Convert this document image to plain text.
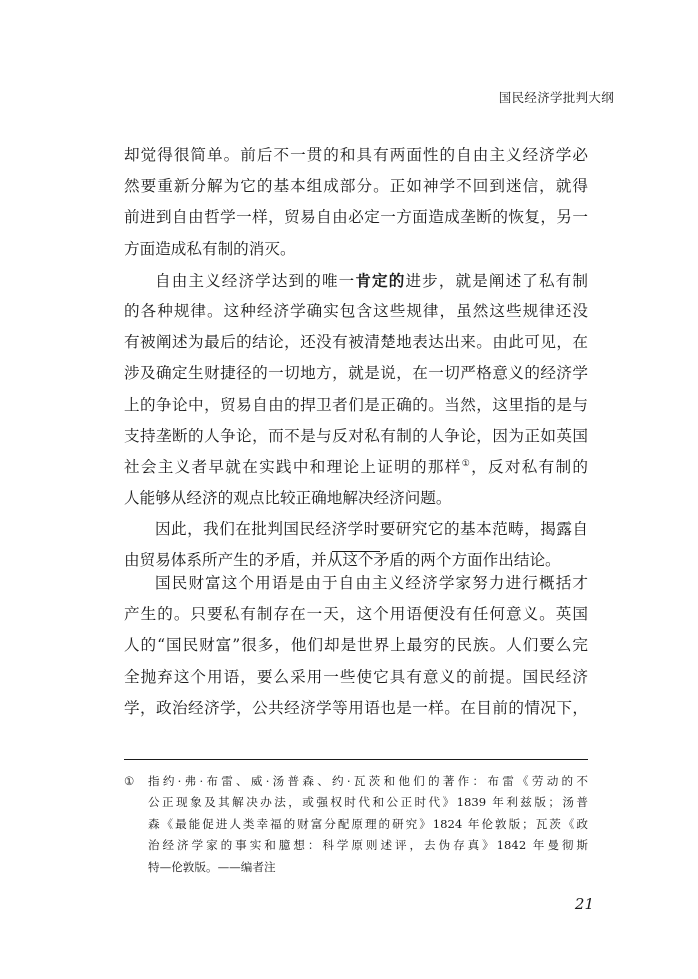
国民经济学批判大纲
却觉得很简单。前后不一贯的和具有两面性的自由主义经济学必
然要重新分解为它的基本组成部分。正如神学不回到迷信，就得
前进到自由哲学一样，贸易自由必定一方面造成垄断的恢复，另一
方面造成私有制的消灭。
自由主义经济学达到的唯一肯定的进步，就是阐述了私有制
的各种规律。这种经济学确实包含这些规律，虽然这些规律还没
有被阐述为最后的结论，还没有被清楚地表达出来。由此可见，在
涉及确定生财捷径的一切地方，就是说，在一切严格意义的经济学
上的争论中，贸易自由的捍卫者们是正确的。当然，这里指的是与
支持垄断的人争论，而不是与反对私有制的人争论，因为正如英国
社会主义者早就在实践中和理论上证明的那样①，反对私有制的
人能够从经济的观点比较正确地解决经济问题。
因此，我们在批判国民经济学时要研究它的基本范畴，揭露自
由贸易体系所产生的矛盾，并从这个矛盾的两个方面作出结论。
国民财富这个用语是由于自由主义经济学家努力进行概括才
产生的。只要私有制存在一天，这个用语便没有任何意义。英国
人的“国民财富”很多，他们却是世界上最穷的民族。人们要么完
全抛弃这个用语，要么采用一些使它具有意义的前提。国民经济
学，政治经济学，公共经济学等用语也是一样。在目前的情况下，
① 指约·弗·布雷、威·汤普森、约·瓦茨和他们的著作：布雷《劳动的不
公正现象及其解决办法，或强权时代和公正时代》1839 年利兹版；汤普
森《最能促进人类幸福的财富分配原理的研究》1824 年伦敦版；瓦茨《政
治经济学家的事实和臆想：科学原则述评，去伪存真》1842 年曼彻斯
特—伦敦版。——编者注
21
